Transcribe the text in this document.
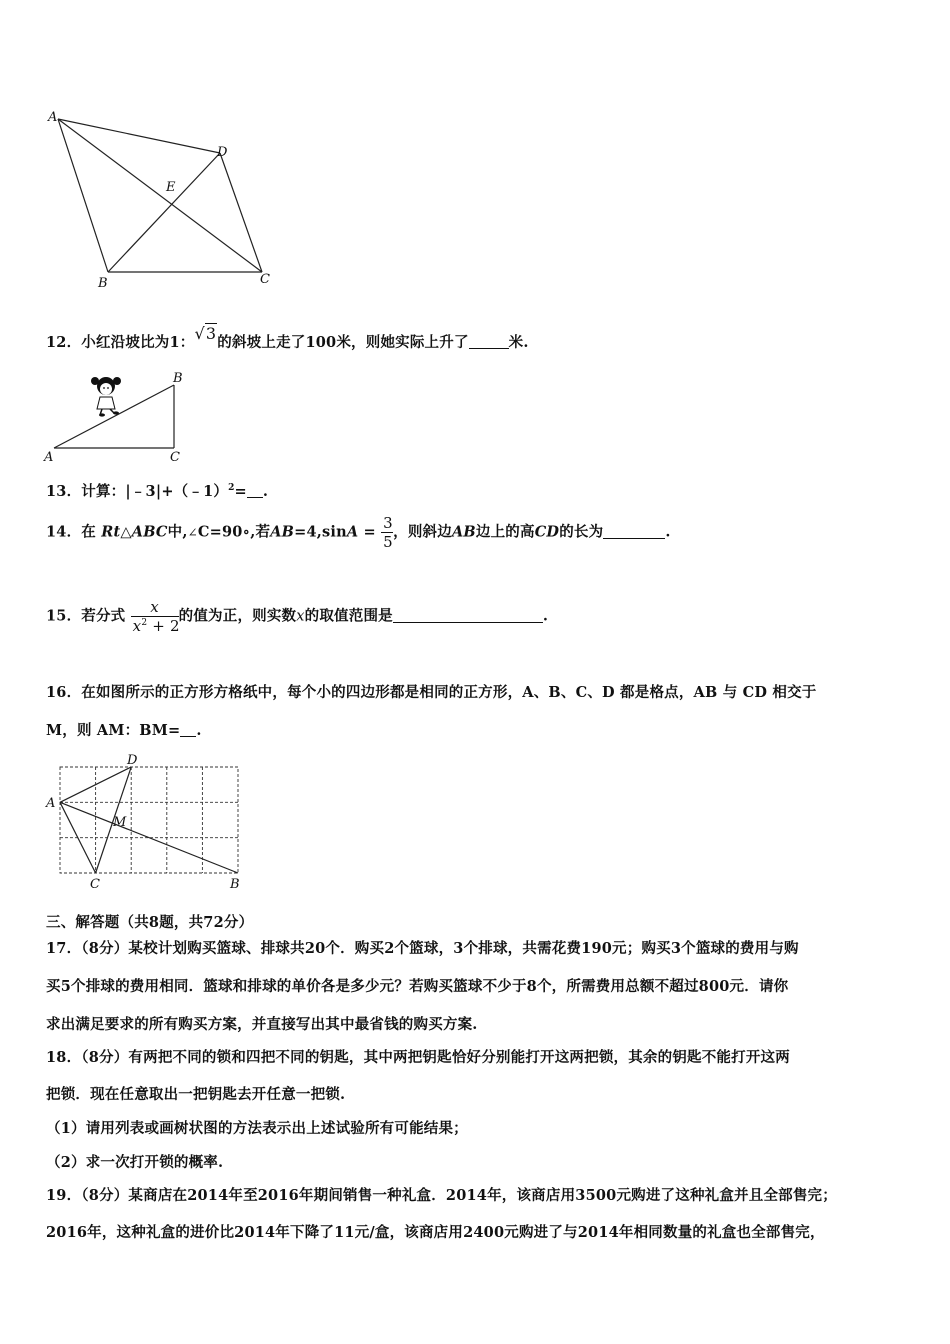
A
D
E
B	C
12．小红沿坡比为1：√3的斜坡上走了100米，则她实际上升了	米.
A
B
C
13．计算：|﹣3|+（﹣1）$^2$= .
14．在 Rt△ABC中,∠C=90∘,若$AB=4,\sin A = \frac{3}{5}$ ，则斜边AB边上的高CD的长为	.
15．若分式 $\frac{x}{x^2 + 2}$ 的值为正，则实数x的取值范围是	.
16．在如图所示的正方形方格纸中，每个小的四边形都是相同的正方形，A、B、C、D 都是格点，AB 与 CD 相交于
M，则 AM：BM= .
A
D
M
C	B
三、解答题（共8题，共72分）
17．（8分）某校计划购买篮球、排球共20个．购买2个篮球，3个排球，共需花费190元；购买3个篮球的费用与购
买5个排球的费用相同．篮球和排球的单价各是多少元？若购买篮球不少于8个，所需费用总额不超过800元．请你
求出满足要求的所有购买方案，并直接写出其中最省钱的购买方案.
18．（8分）有两把不同的锁和四把不同的钥匙，其中两把钥匙恰好分别能打开这两把锁，其余的钥匙不能打开这两
把锁．现在任意取出一把钥匙去开任意一把锁.
（1）请用列表或画树状图的方法表示出上述试验所有可能结果；
（2）求一次打开锁的概率.
19．（8分）某商店在2014年至2016年期间销售一种礼盒．2014年，该商店用3500元购进了这种礼盒并且全部售完；
2016年，这种礼盒的进价比2014年下降了11元/盒，该商店用2400元购进了与2014年相同数量的礼盒也全部售完，
